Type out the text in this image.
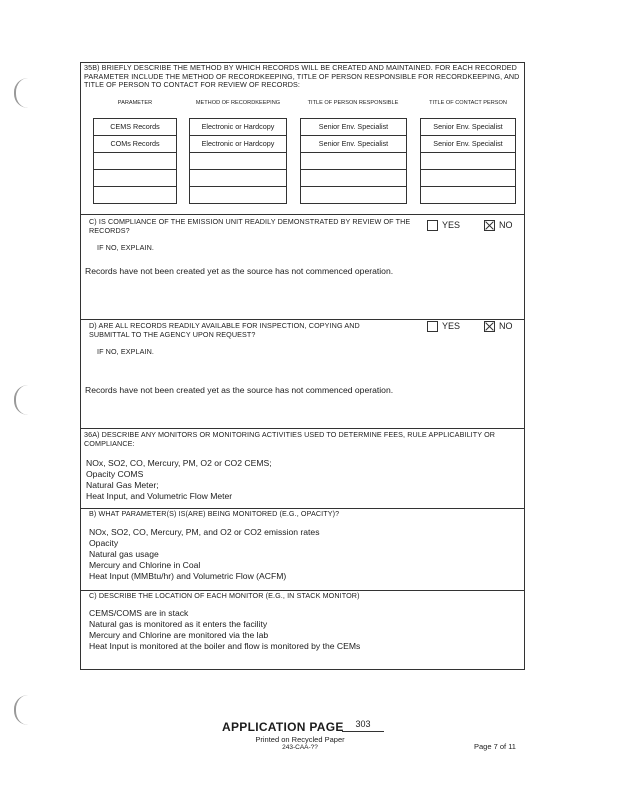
35B) BRIEFLY DESCRIBE THE METHOD BY WHICH RECORDS WILL BE CREATED AND MAINTAINED. FOR EACH RECORDED PARAMETER INCLUDE THE METHOD OF RECORDKEEPING, TITLE OF PERSON RESPONSIBLE FOR RECORDKEEPING, AND TITLE OF PERSON TO CONTACT FOR REVIEW OF RECORDS:
PARAMETER	METHOD OF RECORDKEEPING	TITLE OF PERSON RESPONSIBLE	TITLE OF CONTACT PERSON
CEMS Records	Electronic or Hardcopy	Senior Env. Specialist	Senior Env. Specialist
COMs Records	Electronic or Hardcopy	Senior Env. Specialist	Senior Env. Specialist
C) IS COMPLIANCE OF THE EMISSION UNIT READILY DEMONSTRATED BY REVIEW OF THE RECORDS?
YES	NO
IF NO, EXPLAIN.
Records have not been created yet as the source has not commenced operation.
D) ARE ALL RECORDS READILY AVAILABLE FOR INSPECTION, COPYING AND SUBMITTAL TO THE AGENCY UPON REQUEST?
YES	NO
IF NO, EXPLAIN.
Records have not been created yet as the source has not commenced operation.
36A) DESCRIBE ANY MONITORS OR MONITORING ACTIVITIES USED TO DETERMINE FEES, RULE APPLICABILITY OR COMPLIANCE:
NOx, SO2, CO, Mercury, PM, O2 or CO2 CEMS;
Opacity COMS
Natural Gas Meter;
Heat Input, and Volumetric Flow Meter
B) WHAT PARAMETER(S) IS(ARE) BEING MONITORED (E.G., OPACITY)?
NOx, SO2, CO, Mercury, PM, and O2 or CO2 emission rates
Opacity
Natural gas usage
Mercury and Chlorine in Coal
Heat Input (MMBtu/hr) and Volumetric Flow (ACFM)
C) DESCRIBE THE LOCATION OF EACH MONITOR (E.G., IN STACK MONITOR)
CEMS/COMS are in stack
Natural gas is monitored as it enters the facility
Mercury and Chlorine are monitored via the lab
Heat Input is monitored at the boiler and flow is monitored by the CEMs
APPLICATION PAGE	303
Printed on Recycled Paper
243-CAA-??	Page 7 of 11
